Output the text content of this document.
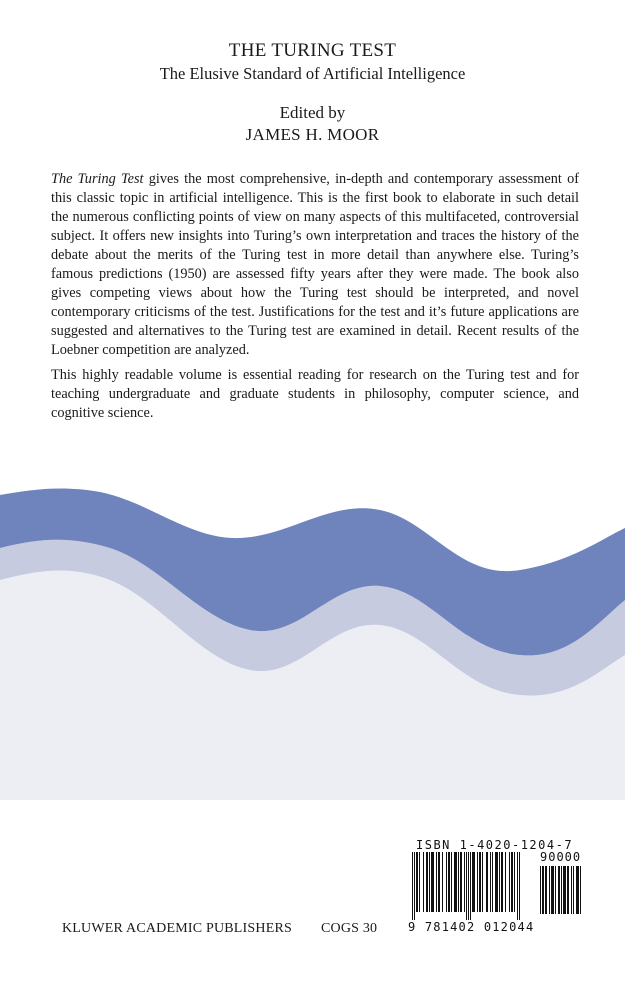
THE TURING TEST
The Elusive Standard of Artificial Intelligence
Edited by
JAMES H. MOOR
The Turing Test gives the most comprehensive, in-depth and contemporary assessment of this classic topic in artificial intelligence. This is the first book to elaborate in such detail the numerous conflicting points of view on many aspects of this multifaceted, controversial subject. It offers new insights into Turing’s own interpretation and traces the history of the debate about the merits of the Turing test in more detail than anywhere else. Turing’s famous predictions (1950) are assessed fifty years after they were made. The book also gives competing views about how the Turing test should be interpreted, and novel contemporary criticisms of the test. Justifications for the test and it’s future applications are suggested and alternatives to the Turing test are examined in detail. Recent results of the Loebner competition are analyzed.
This highly readable volume is essential reading for research on the Turing test and for teaching undergraduate and graduate students in philosophy, computer science, and cognitive science.
ISBN 1-4020-1204-7
90000
9 781402 012044
KLUWER ACADEMIC PUBLISHERS COGS 30
